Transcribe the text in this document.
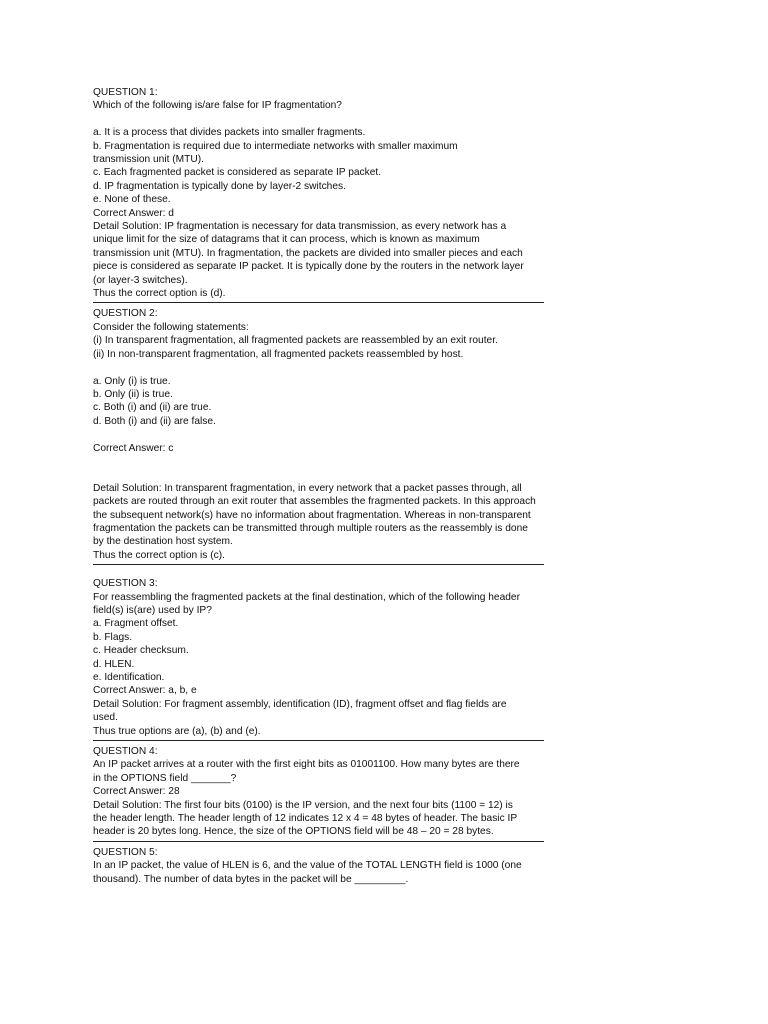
QUESTION 1:
Which of the following is/are false for IP fragmentation?
a. It is a process that divides packets into smaller fragments.
b. Fragmentation is required due to intermediate networks with smaller maximum
transmission unit (MTU).
c. Each fragmented packet is considered as separate IP packet.
d. IP fragmentation is typically done by layer-2 switches.
e. None of these.
Correct Answer: d
Detail Solution: IP fragmentation is necessary for data transmission, as every network has a
unique limit for the size of datagrams that it can process, which is known as maximum
transmission unit (MTU). In fragmentation, the packets are divided into smaller pieces and each
piece is considered as separate IP packet. It is typically done by the routers in the network layer
(or layer-3 switches).
Thus the correct option is (d).
QUESTION 2:
Consider the following statements:
(i) In transparent fragmentation, all fragmented packets are reassembled by an exit router.
(ii) In non-transparent fragmentation, all fragmented packets reassembled by host.
a. Only (i) is true.
b. Only (ii) is true.
c. Both (i) and (ii) are true.
d. Both (i) and (ii) are false.
Correct Answer: c
Detail Solution: In transparent fragmentation, in every network that a packet passes through, all
packets are routed through an exit router that assembles the fragmented packets. In this approach
the subsequent network(s) have no information about fragmentation. Whereas in non-transparent
fragmentation the packets can be transmitted through multiple routers as the reassembly is done
by the destination host system.
Thus the correct option is (c).
QUESTION 3:
For reassembling the fragmented packets at the final destination, which of the following header
field(s) is(are) used by IP?
a. Fragment offset.
b. Flags.
c. Header checksum.
d. HLEN.
e. Identification.
Correct Answer: a, b, e
Detail Solution: For fragment assembly, identification (ID), fragment offset and flag fields are
used.
Thus true options are (a), (b) and (e).
QUESTION 4:
An IP packet arrives at a router with the first eight bits as 01001100. How many bytes are there
in the OPTIONS field _______?
Correct Answer: 28
Detail Solution: The first four bits (0100) is the IP version, and the next four bits (1100 = 12) is
the header length. The header length of 12 indicates 12 x 4 = 48 bytes of header. The basic IP
header is 20 bytes long. Hence, the size of the OPTIONS field will be 48 – 20 = 28 bytes.
QUESTION 5:
In an IP packet, the value of HLEN is 6, and the value of the TOTAL LENGTH field is 1000 (one
thousand). The number of data bytes in the packet will be _________.
